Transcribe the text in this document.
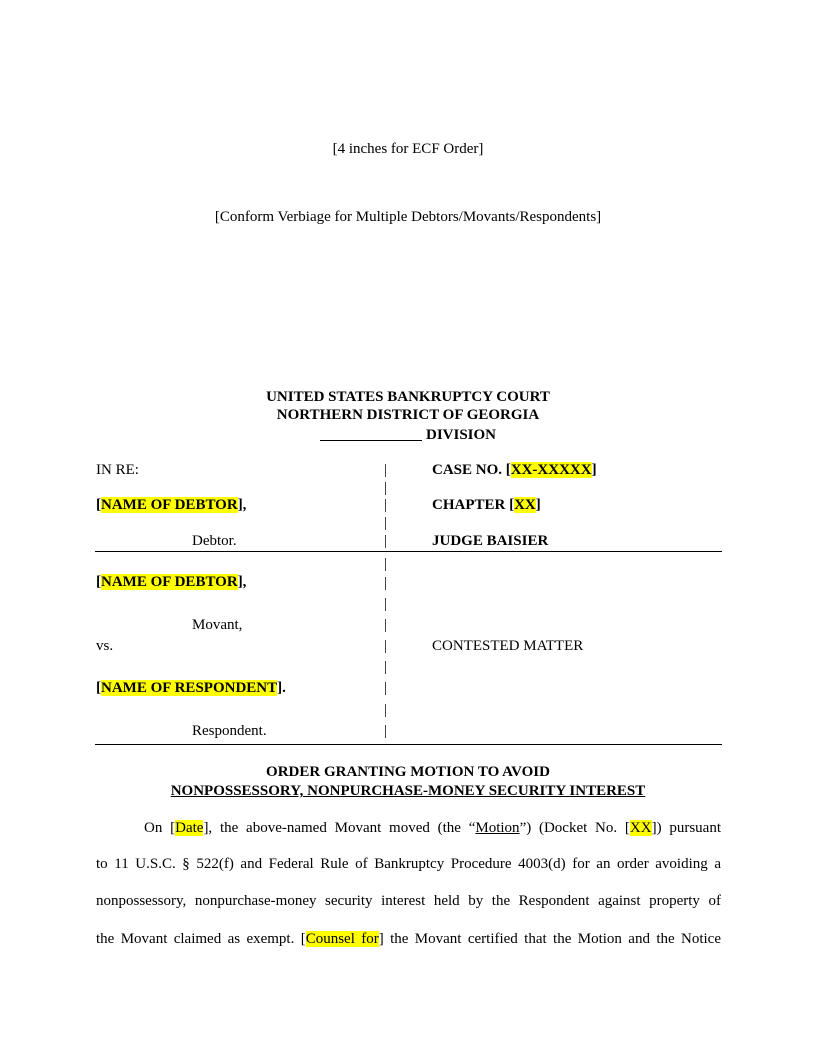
[4 inches for ECF Order]
[Conform Verbiage for Multiple Debtors/Movants/Respondents]
UNITED STATES BANKRUPTCY COURT
NORTHERN DISTRICT OF GEORGIA
DIVISION
IN RE:
[NAME OF DEBTOR],
Debtor.
[NAME OF DEBTOR],
Movant,
vs.
[NAME OF RESPONDENT].
Respondent.
|
|
|
|
|
|
|
|
|
|
|
|
|
|
CASE NO. [XX-XXXXX]
CHAPTER [XX]
JUDGE BAISIER
CONTESTED MATTER
ORDER GRANTING MOTION TO AVOID
NONPOSSESSORY, NONPURCHASE-MONEY SECURITY INTEREST
On [Date], the above-named Movant moved (the “Motion”) (Docket No. [XX]) pursuant
to 11 U.S.C. § 522(f) and Federal Rule of Bankruptcy Procedure 4003(d) for an order avoiding a
nonpossessory, nonpurchase-money security interest held by the Respondent against property of
the Movant claimed as exempt. [Counsel for] the Movant certified that the Motion and the Notice
